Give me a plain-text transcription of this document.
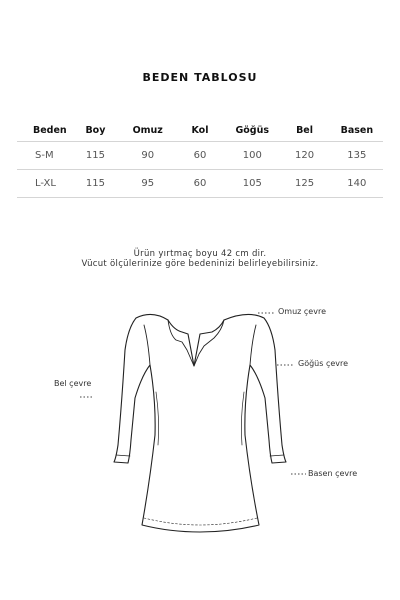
BEDEN TABLOSU
Beden	Boy	Omuz	Kol	Göğüs	Bel	Basen
S-M	115	90	60	100	120	135
L-XL	115	95	60	105	125	140
Ürün yırtmaç boyu 42 cm dir.
Vücut ölçülerinize göre bedeninizi belirleyebilirsiniz.
Omuz çevre
Göğüs çevre
Bel çevre
Basen çevre
